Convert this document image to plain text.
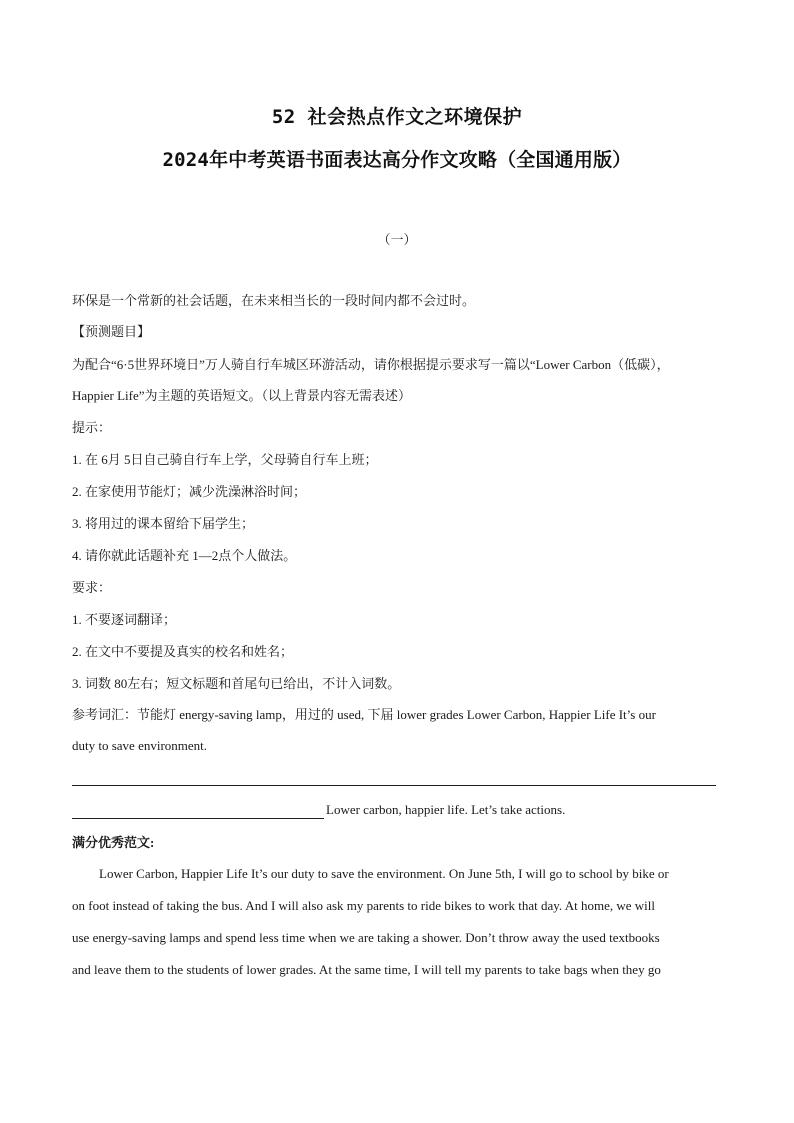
52 社会热点作文之环境保护
2024年中考英语书面表达高分作文攻略（全国通用版）
（一）
环保是一个常新的社会话题，在未来相当长的一段时间内都不会过时。
【预测题目】
为配合“6·5世界环境日”万人骑自行车城区环游活动，请你根据提示要求写一篇以“Lower Carbon（低碳），
Happier Life”为主题的英语短文。（以上背景内容无需表述）
提示：
1. 在 6月 5日自己骑自行车上学，父母骑自行车上班；
2. 在家使用节能灯；减少洗澡淋浴时间；
3. 将用过的课本留给下届学生；
4. 请你就此话题补充 1—2点个人做法。
要求：
1. 不要逐词翻译；
2. 在文中不要提及真实的校名和姓名；
3. 词数 80左右；短文标题和首尾句已给出，不计入词数。
参考词汇：节能灯 energy-saving lamp，用过的 used, 下届 lower grades Lower Carbon, Happier Life It’s our
duty to save environment.
Lower carbon, happier life. Let’s take actions.
满分优秀范文:
Lower Carbon, Happier Life It’s our duty to save the environment. On June 5th, I will go to school by bike or
on foot instead of taking the bus. And I will also ask my parents to ride bikes to work that day. At home, we will
use energy-saving lamps and spend less time when we are taking a shower. Don’t throw away the used textbooks
and leave them to the students of lower grades. At the same time, I will tell my parents to take bags when they go
